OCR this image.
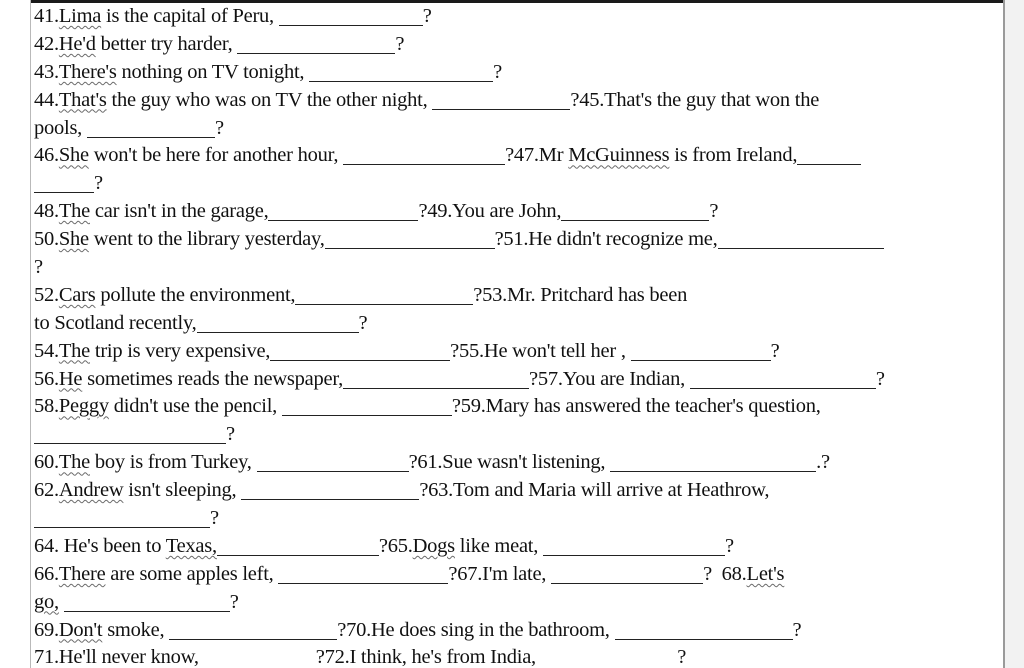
41.Lima is the capital of Peru,	?
42.He'd better try harder,	?
43.There's nothing on TV tonight,	?
44.That's the guy who was on TV the other night,	?45.That's the guy that won the
pools,	?
46.She won't be here for another hour,	?47.Mr McGuinness is from Ireland,
?
48.The car isn't in the garage,	?49.You are John,	?
50.She went to the library yesterday,	?51.He didn't recognize me,
?
52.Cars pollute the environment,	?53.Mr. Pritchard has been
to Scotland recently,	?
54.The trip is very expensive,	?55.He won't tell her ,	?
56.He sometimes reads the newspaper,	?57.You are Indian,	?
58.Peggy didn't use the pencil,	?59.Mary has answered the teacher's question,
?
60.The boy is from Turkey,	?61.Sue wasn't listening,	.?
62.Andrew isn't sleeping,	?63.Tom and Maria will arrive at Heathrow,
?
64. He's been to Texas,	?65.Dogs like meat,	?
66.There are some apples left,	?67.I'm late,	?  68.Let's
go,	?
69.Don't smoke,	?70.He does sing in the bathroom,	?
71.He'll never know,                        ?72.I think, he's from India,                             ?
